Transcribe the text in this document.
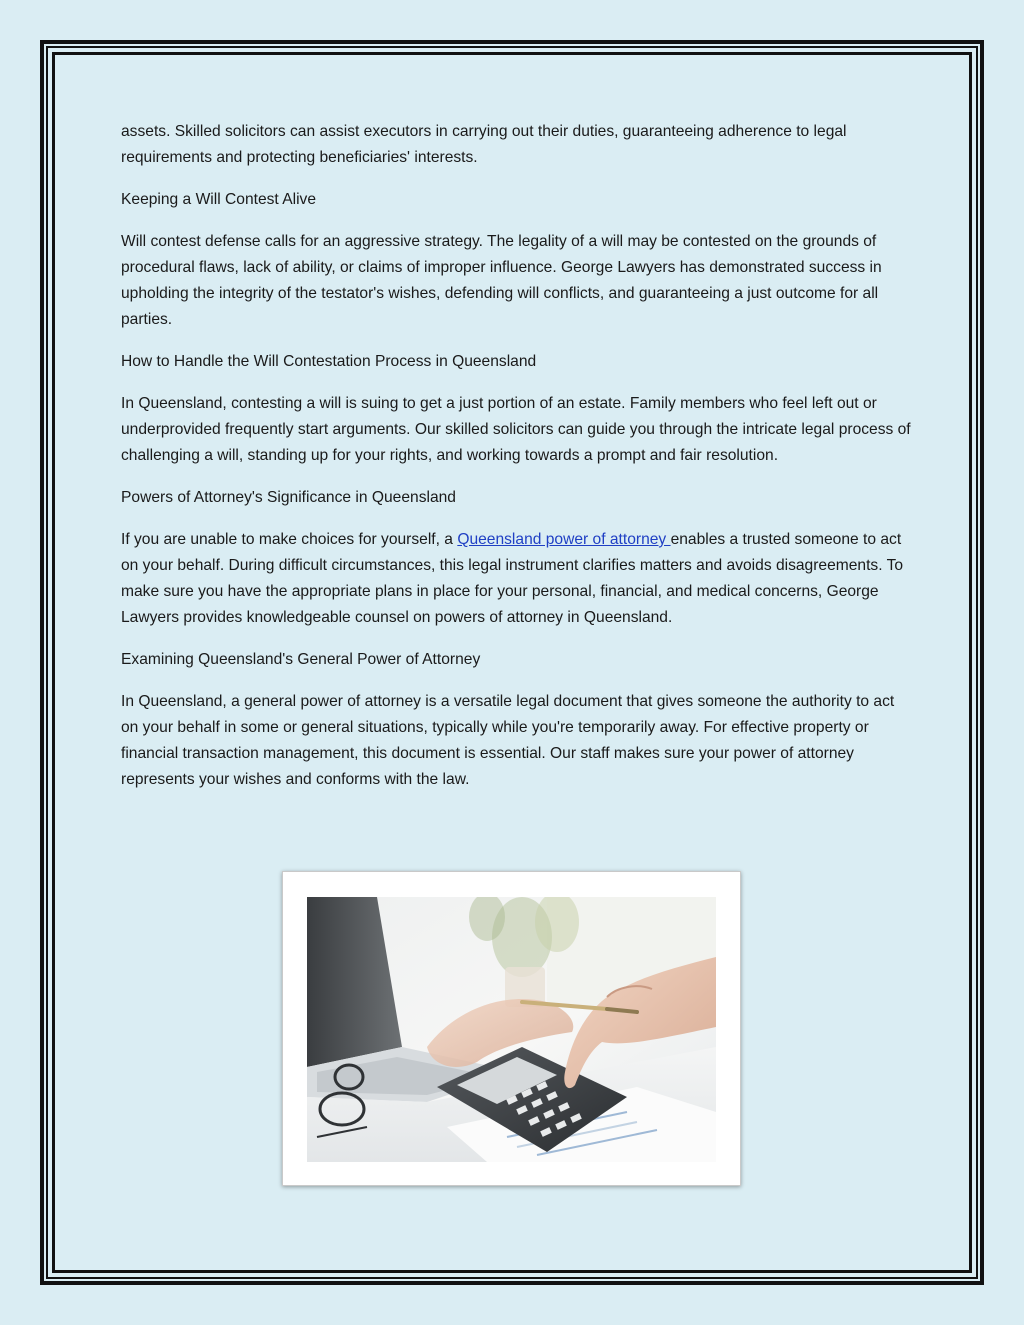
assets. Skilled solicitors can assist executors in carrying out their duties, guaranteeing adherence to legal requirements and protecting beneficiaries' interests.

Keeping a Will Contest Alive

Will contest defense calls for an aggressive strategy. The legality of a will may be contested on the grounds of procedural flaws, lack of ability, or claims of improper influence. George Lawyers has demonstrated success in upholding the integrity of the testator's wishes, defending will conflicts, and guaranteeing a just outcome for all parties.

How to Handle the Will Contestation Process in Queensland

In Queensland, contesting a will is suing to get a just portion of an estate. Family members who feel left out or underprovided frequently start arguments. Our skilled solicitors can guide you through the intricate legal process of challenging a will, standing up for your rights, and working towards a prompt and fair resolution.

Powers of Attorney's Significance in Queensland

If you are unable to make choices for yourself, a Queensland power of attorney enables a trusted someone to act on your behalf. During difficult circumstances, this legal instrument clarifies matters and avoids disagreements. To make sure you have the appropriate plans in place for your personal, financial, and medical concerns, George Lawyers provides knowledgeable counsel on powers of attorney in Queensland.

Examining Queensland's General Power of Attorney

In Queensland, a general power of attorney is a versatile legal document that gives someone the authority to act on your behalf in some or general situations, typically while you're temporarily away. For effective property or financial transaction management, this document is essential. Our staff makes sure your power of attorney represents your wishes and conforms with the law.
